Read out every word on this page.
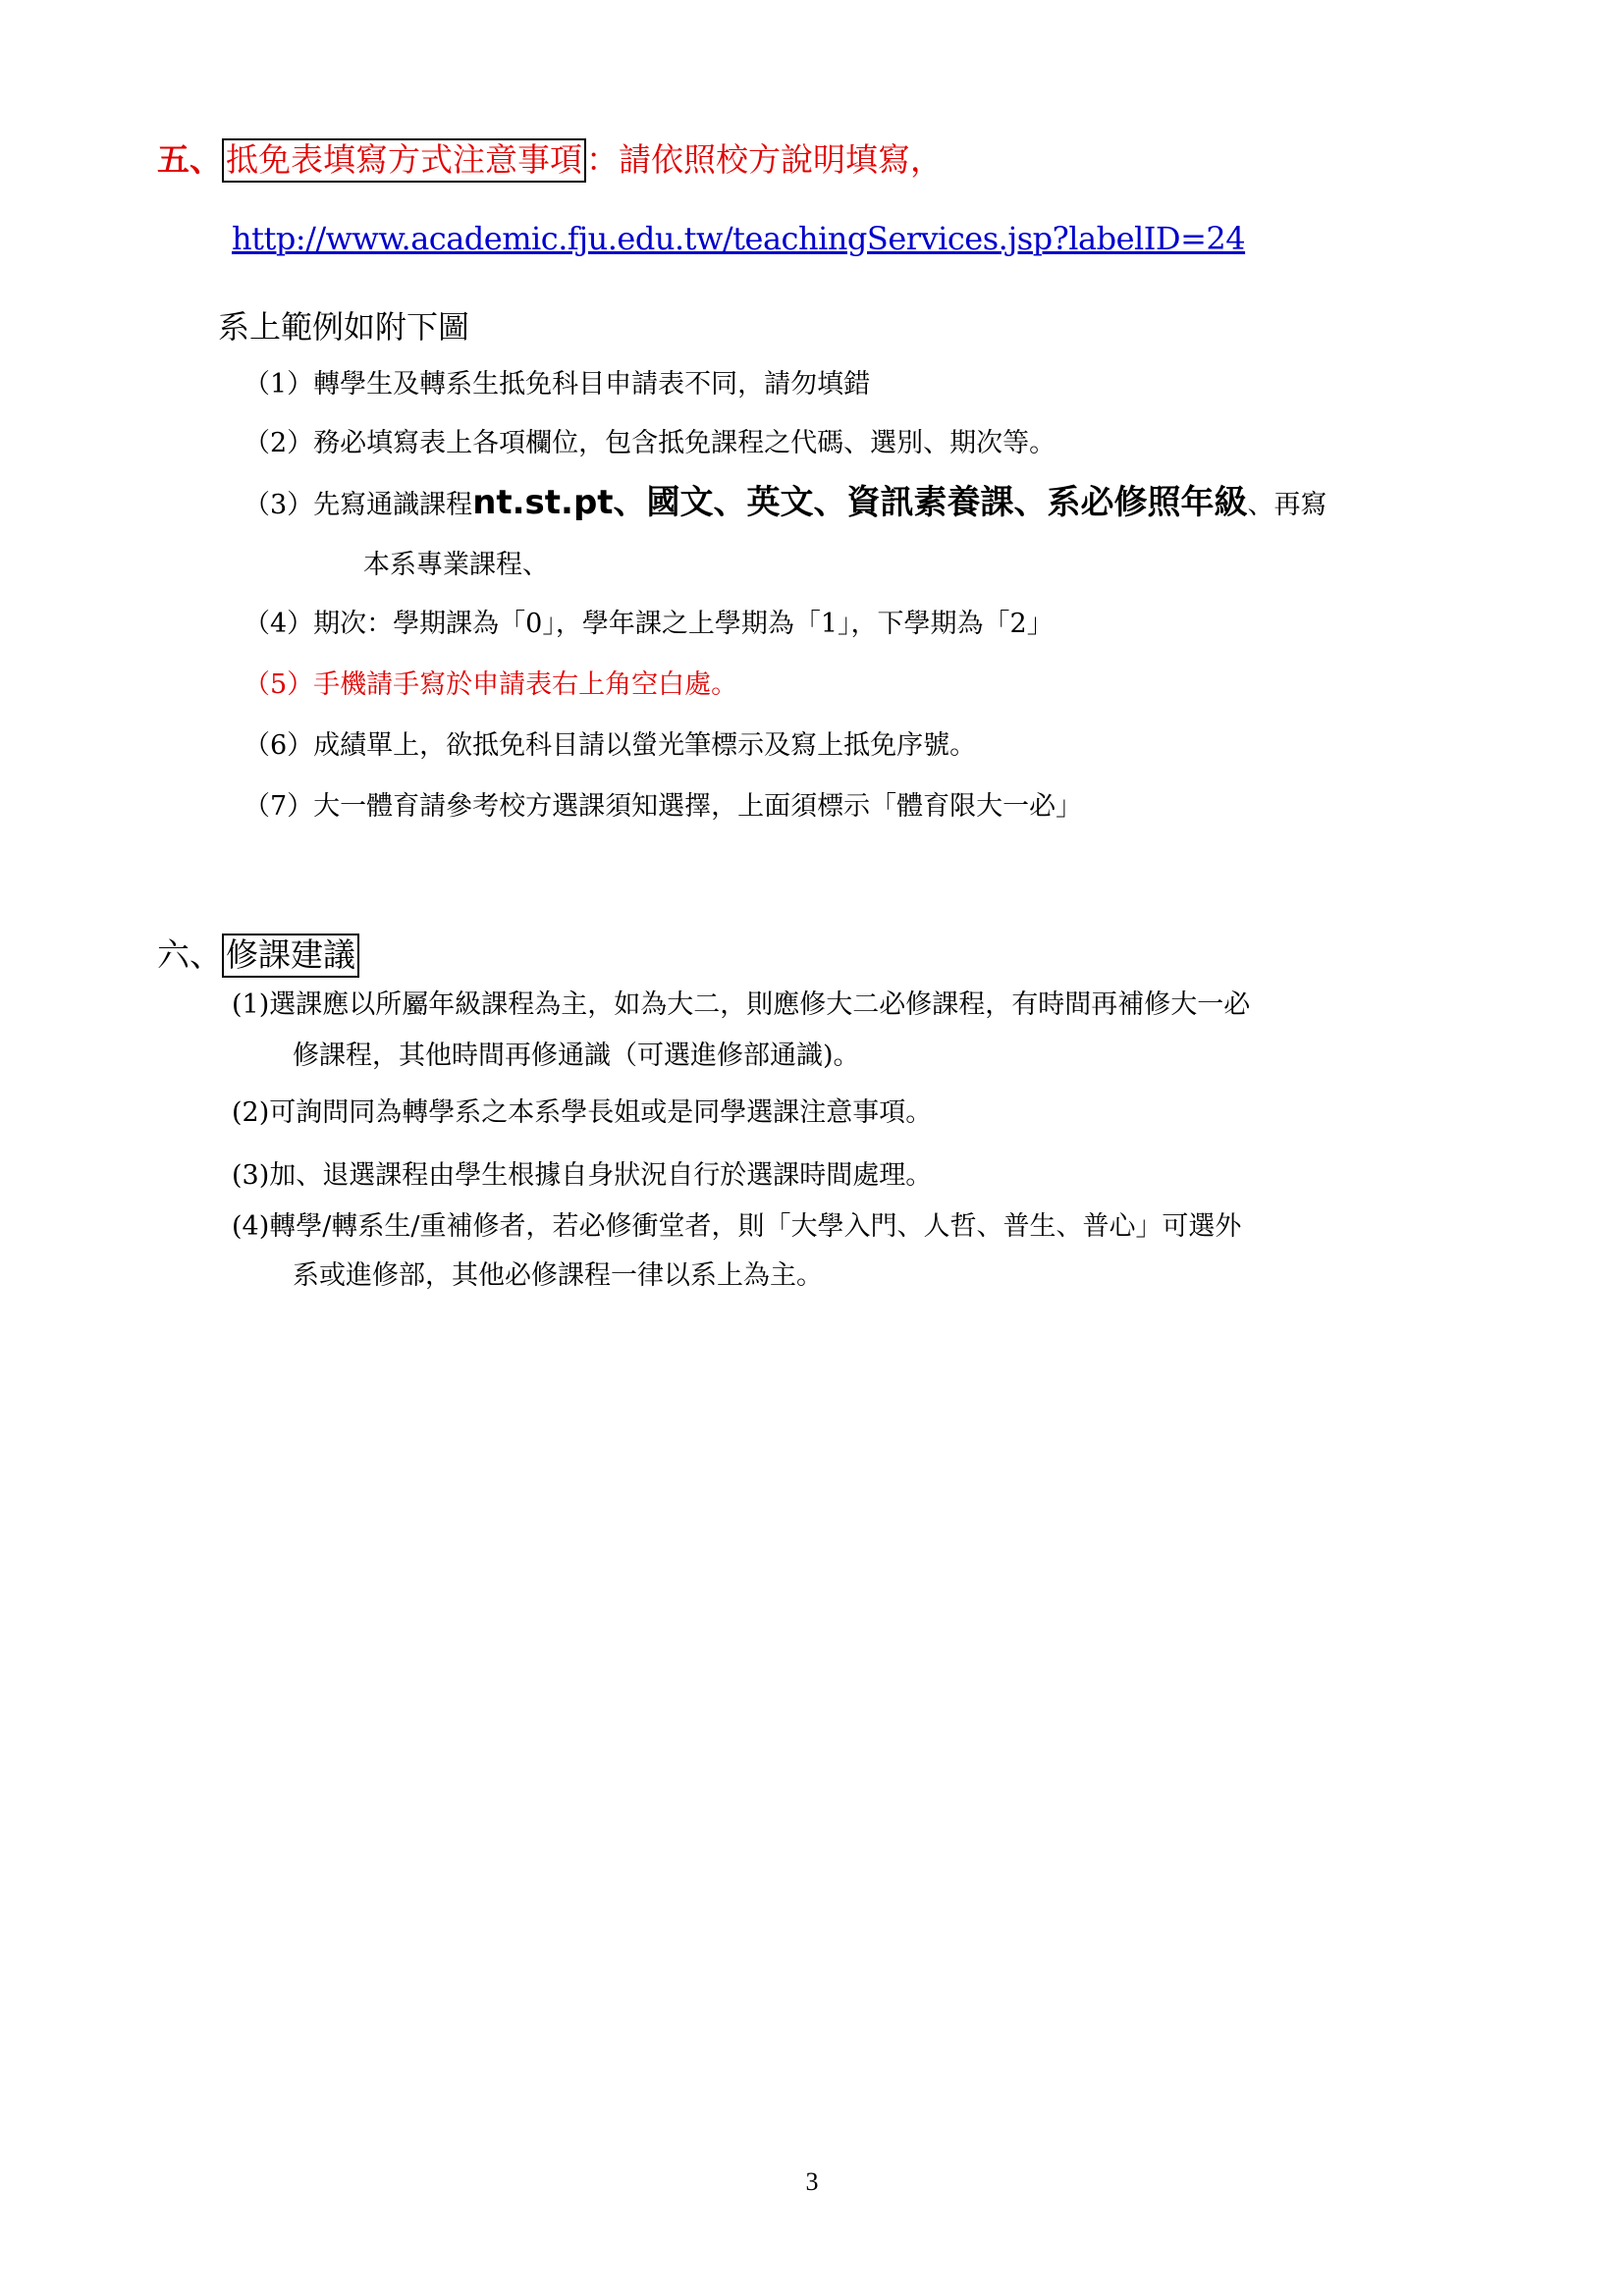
五、 抵免表填寫方式注意事項 ：請依照校方說明填寫，
http://www.academic.fju.edu.tw/teachingServices.jsp?labelID=24
系上範例如附下圖
（1）轉學生及轉系生抵免科目申請表不同，請勿填錯
（2）務必填寫表上各項欄位，包含抵免課程之代碼、選別、期次等。
（3）先寫通識課程nt.st.pt、國文、英文、資訊素養課、系必修照年級、再寫
本系專業課程、
（4）期次：學期課為「0」，學年課之上學期為「1」，下學期為「2」
（5）手機請手寫於申請表右上角空白處。
（6）成績單上，欲抵免科目請以螢光筆標示及寫上抵免序號。
（7）大一體育請參考校方選課須知選擇，上面須標示「體育限大一必」
六、 修課建議
(1)選課應以所屬年級課程為主，如為大二，則應修大二必修課程，有時間再補修大一必
修課程，其他時間再修通識（可選進修部通識)。
(2)可詢問同為轉學系之本系學長姐或是同學選課注意事項。
(3)加、退選課程由學生根據自身狀況自行於選課時間處理。
(4)轉學/轉系生/重補修者，若必修衝堂者，則「大學入門、人哲、普生、普心」可選外
系或進修部，其他必修課程一律以系上為主。
3
